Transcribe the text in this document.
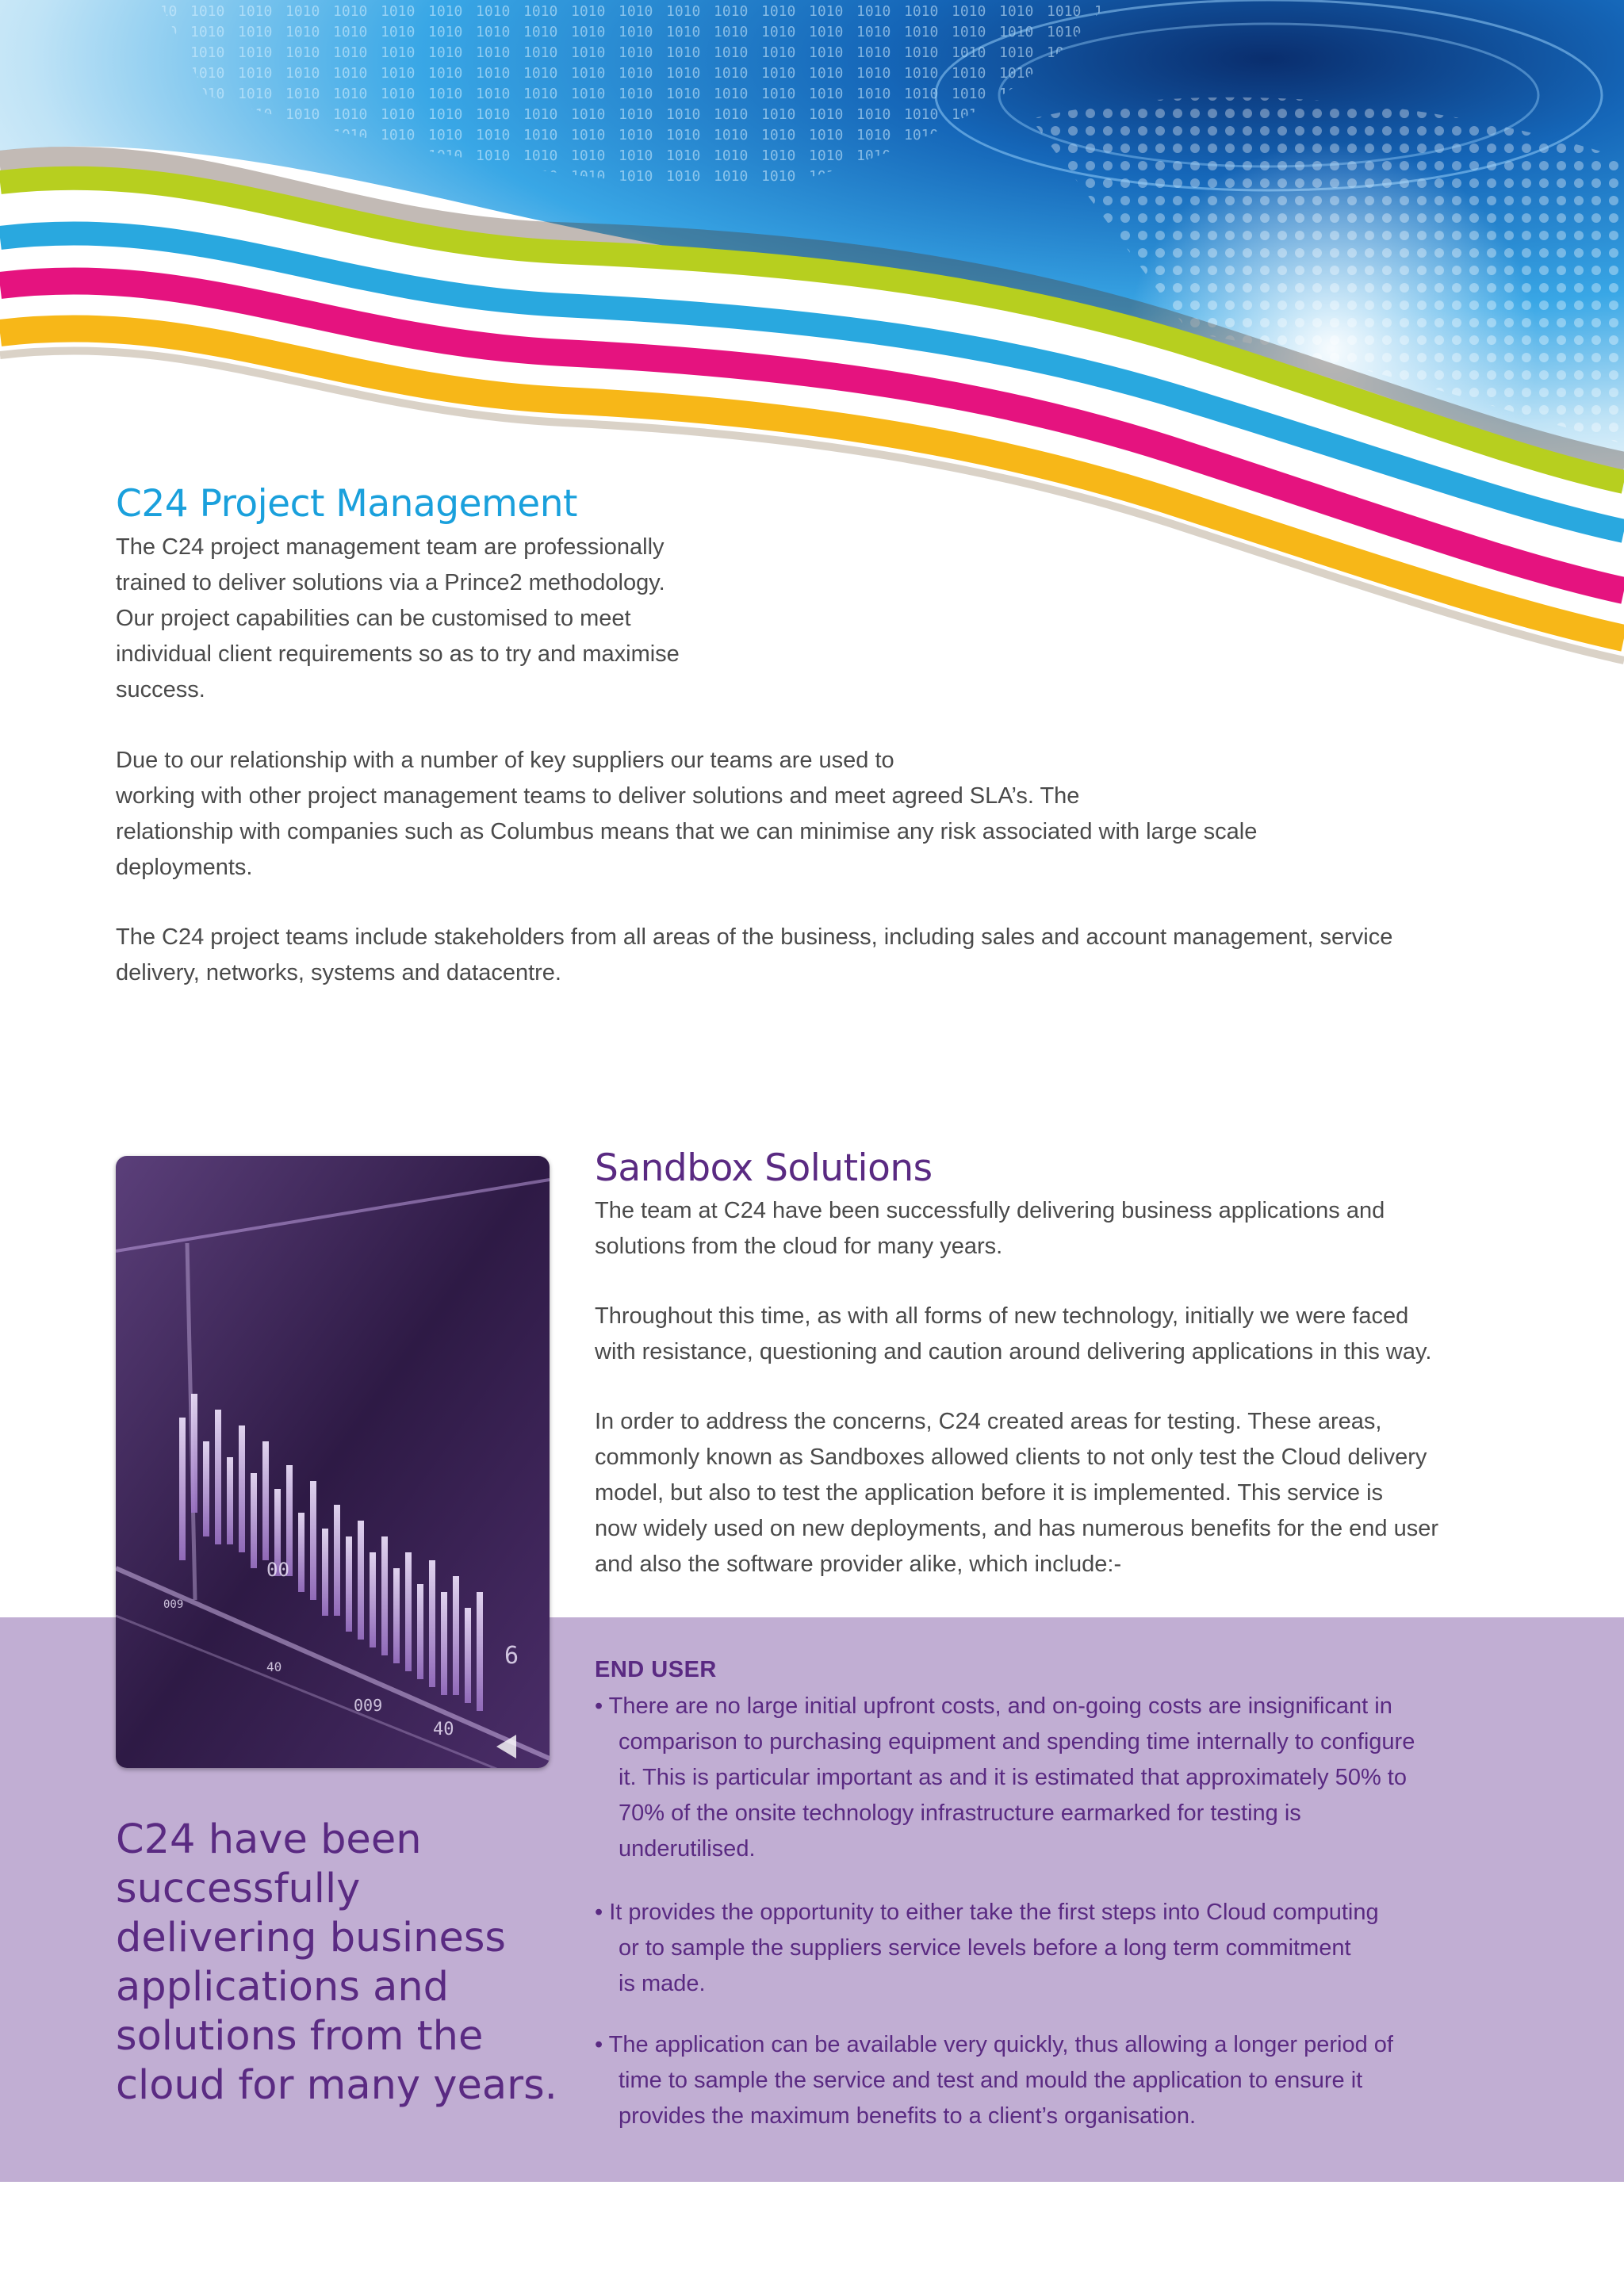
C24 Project Management
The C24 project management team are professionally
trained to deliver solutions via a Prince2 methodology.
Our project capabilities can be customised to meet
individual client requirements so as to try and maximise
success.
Due to our relationship with a number of key suppliers our teams are used to
working with other project management teams to deliver solutions and meet agreed SLA’s. The
relationship with companies such as Columbus means that we can minimise any risk associated with large scale
deployments.
The C24 project teams include stakeholders from all areas of the business, including sales and account management, service
delivery, networks, systems and datacentre.
40
009
6
00
40
009
Sandbox Solutions
The team at C24 have been successfully delivering business applications and
solutions from the cloud for many years.
Throughout this time, as with all forms of new technology, initially we were faced
with resistance, questioning and caution around delivering applications in this way.
In order to address the concerns, C24 created areas for testing. These areas,
commonly known as Sandboxes allowed clients to not only test the Cloud delivery
model, but also to test the application before it is implemented. This service is
now widely used on new deployments, and has numerous benefits for the end user
and also the software provider alike, which include:-

C24 have been successfully delivering business applications and solutions from the cloud for many years.

END USER
• There are no large initial upfront costs, and on-going costs are insignificant in
comparison to purchasing equipment and spending time internally to configure
it. This is particular important as and it is estimated that approximately 50% to
70% of the onsite technology infrastructure earmarked for testing is
underutilised.
• It provides the opportunity to either take the first steps into Cloud computing
or to sample the suppliers service levels before a long term commitment
is made.
• The application can be available very quickly, thus allowing a longer period of
time to sample the service and test and mould the application to ensure it
provides the maximum benefits to a client’s organisation.
